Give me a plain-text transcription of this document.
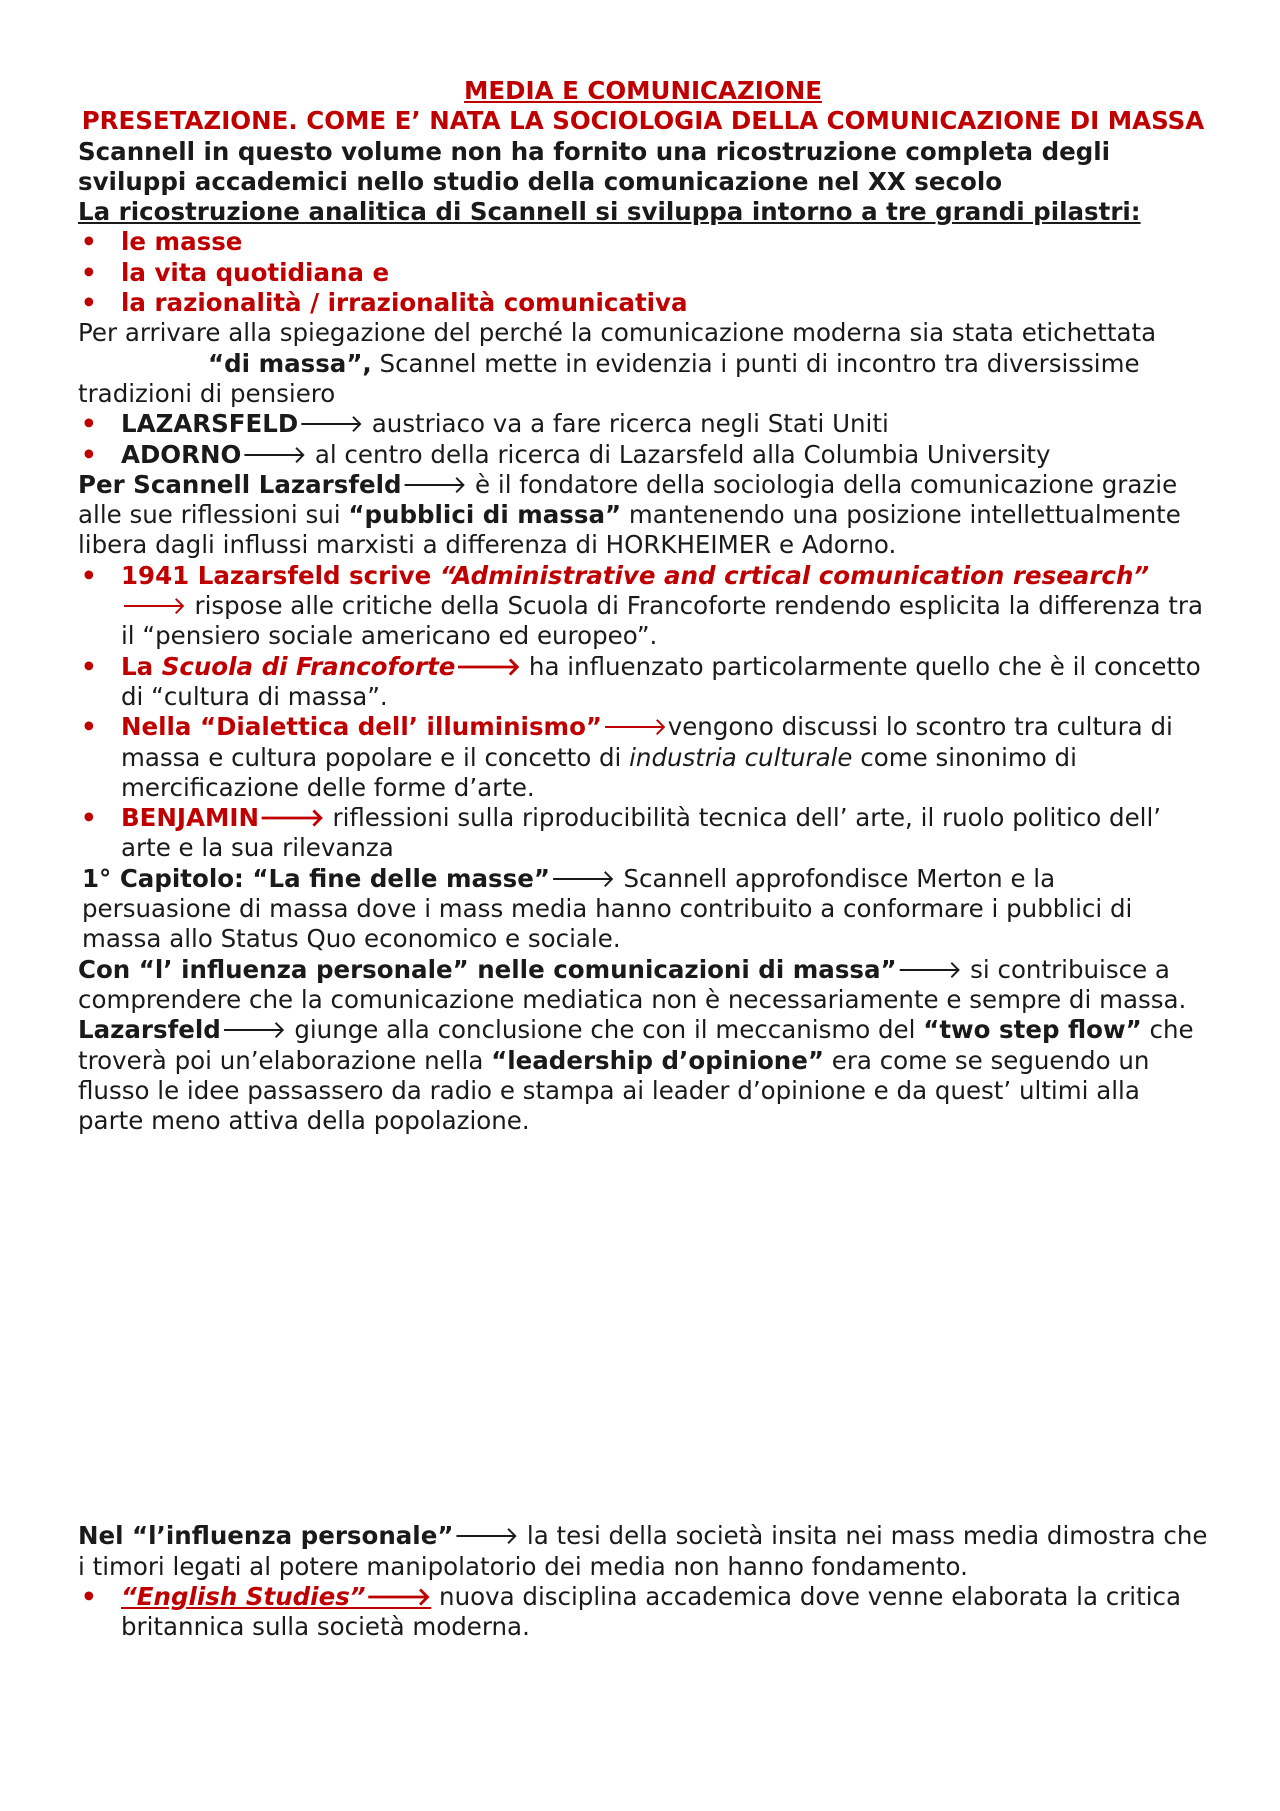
MEDIA E COMUNICAZIONE
PRESETAZIONE. COME E’ NATA LA SOCIOLOGIA DELLA COMUNICAZIONE DI MASSA

Scannell in questo volume non ha fornito una ricostruzione completa degli sviluppi accademici nello studio della comunicazione nel XX secolo

La ricostruzione analitica di Scannell si sviluppa intorno a tre grandi pilastri:

• le masse
• la vita quotidiana e
• la razionalità / irrazionalità comunicativa

Per arrivare alla spiegazione del perché la comunicazione moderna sia stata etichettata“di massa”, Scannel mette in evidenzia i punti di incontro tra diversissime tradizioni di pensiero

• LAZARSFELD🡒 austriaco va a fare ricerca negli Stati Uniti
• ADORNO🡒 al centro della ricerca di Lazarsfeld alla Columbia University

Per Scannell Lazarsfeld🡒 è il fondatore della sociologia della comunicazione grazie alle sue riflessioni sui “pubblici di massa” mantenendo una posizione intellettualmente libera dagli influssi marxisti a differenza di HORKHEIMER e Adorno.

• 1941 Lazarsfeld scrive “Administrative and crtical comunication research”🡒 rispose alle critiche della Scuola di Francoforte rendendo esplicita la differenza tra il “pensiero sociale americano ed europeo”.
• La Scuola di Francoforte🡒 ha influenzato particolarmente quello che è il concetto di “cultura di massa”.
• Nella “Dialettica dell’ illuminismo”🡒vengono discussi lo scontro tra cultura di massa e cultura popolare e il concetto di industria culturale come sinonimo di mercificazione delle forme d’arte.
• BENJAMIN🡒 riflessioni sulla riproducibilità tecnica dell’ arte, il ruolo politico dell’ arte e la sua rilevanza

1° Capitolo: “La fine delle masse”🡒 Scannell approfondisce Merton e la persuasione di massa dove i mass media hanno contribuito a conformare i pubblici di massa allo Status Quo economico e sociale.

Con “l’ influenza personale” nelle comunicazioni di massa”🡒 si contribuisce a comprendere che la comunicazione mediatica non è necessariamente e sempre di massa.

Lazarsfeld🡒 giunge alla conclusione che con il meccanismo del “two step flow” che troverà poi un’elaborazione nella “leadership d’opinione” era come se seguendo un flusso le idee passassero da radio e stampa ai leader d’opinione e da quest’ ultimi alla parte meno attiva della popolazione.

Nel “l’influenza personale”🡒 la tesi della società insita nei mass media dimostra che i timori legati al potere manipolatorio dei media non hanno fondamento.

• “English Studies”🡒 nuova disciplina accademica dove venne elaborata la critica britannica sulla società moderna.
